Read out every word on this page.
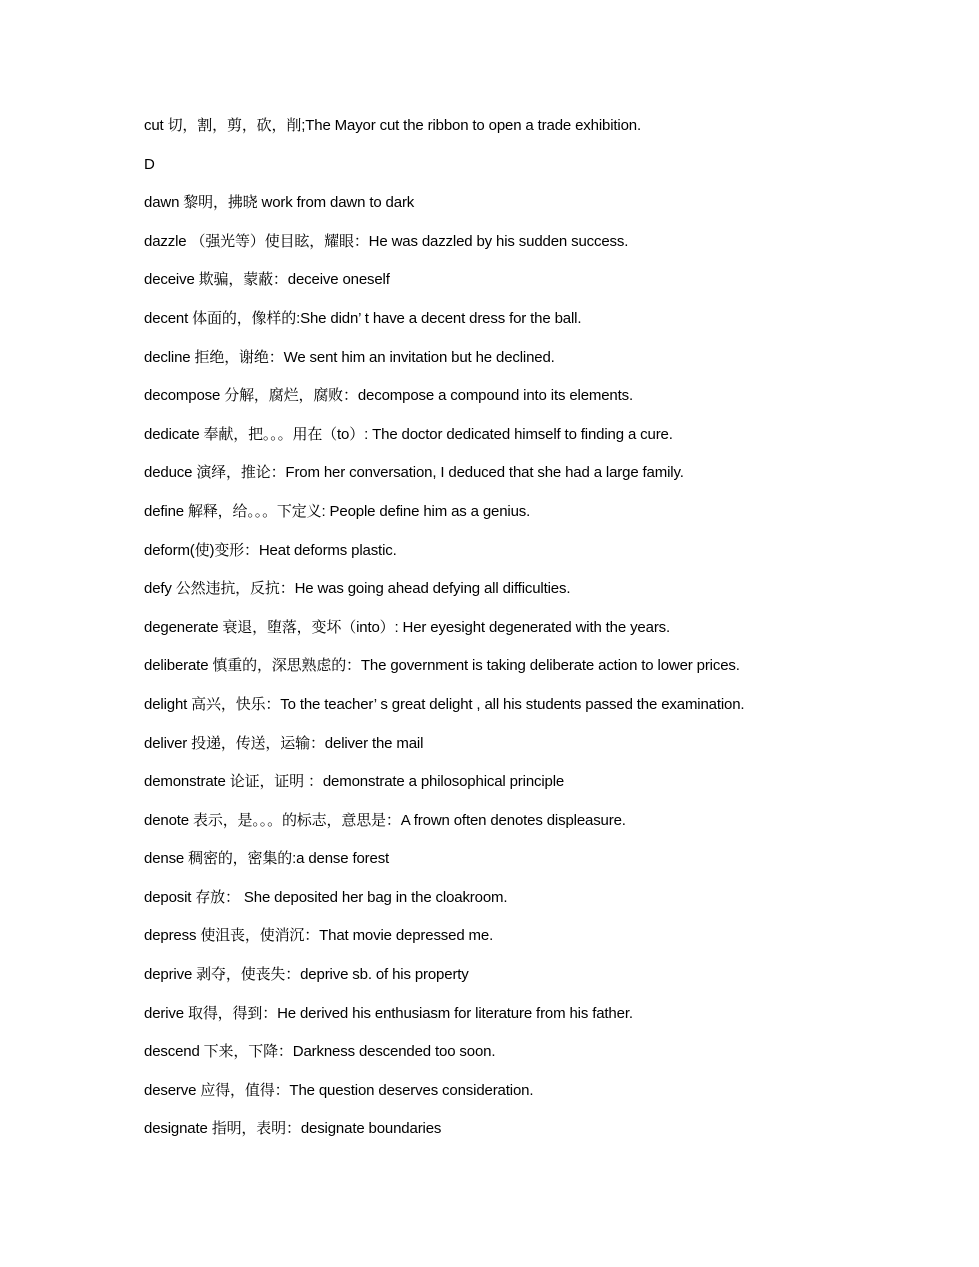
cut 切，割，剪，砍，削;The Mayor cut the ribbon to open a trade exhibition.
D
dawn 黎明，拂晓 work from dawn to dark
dazzle （强光等）使目眩，耀眼：He was dazzled by his sudden success.
deceive 欺骗，蒙蔽：deceive oneself
decent 体面的，像样的:She didn’ t have a decent dress for the ball.
decline 拒绝，谢绝：We sent him an invitation but he declined.
decompose 分解，腐烂，腐败：decompose a compound into its elements.
dedicate 奉献，把。。。用在（to）: The doctor dedicated himself to finding a cure.
deduce 演绎，推论：From her conversation, I deduced that she had a large family.
define 解释，给。。。下定义: People define him as a genius.
deform(使)变形：Heat deforms plastic.
defy 公然违抗，反抗：He was going ahead defying all difficulties.
degenerate 衰退，堕落，变坏（into）: Her eyesight degenerated with the years.
deliberate 慎重的，深思熟虑的：The government is taking deliberate action to lower prices.
delight 高兴，快乐：To the teacher’ s great delight , all his students passed the examination.
deliver 投递，传送，运输：deliver the mail
demonstrate 论证，证明 ：demonstrate a philosophical principle
denote 表示，是。。。的标志，意思是：A frown often denotes displeasure.
dense 稠密的，密集的:a dense forest
deposit 存放： She deposited her bag in the cloakroom.
depress 使沮丧，使消沉：That movie depressed me.
deprive 剥夺，使丧失：deprive sb. of his property
derive 取得，得到：He derived his enthusiasm for literature from his father.
descend 下来，下降：Darkness descended too soon.
deserve 应得，值得：The question deserves consideration.
designate 指明，表明：designate boundaries
